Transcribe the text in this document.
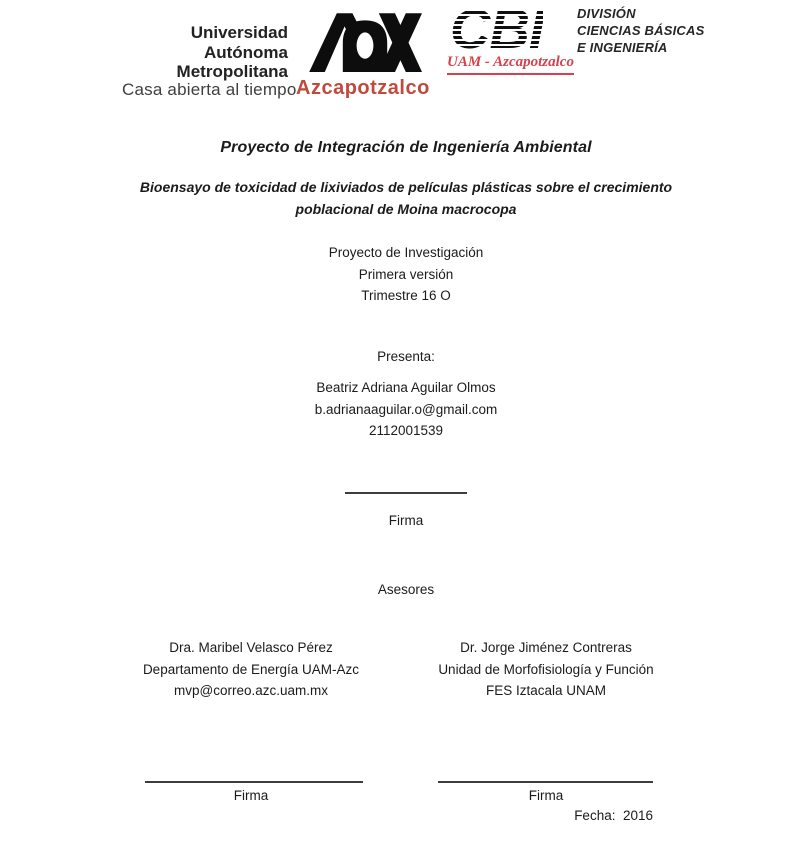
Universidad
Autónoma
Metropolitana
Casa abierta al tiempo Azcapotzalco
CBI	DIVISIÓN
CIENCIAS BÁSICAS
E INGENIERÍA
UAM - Azcapotzalco
Proyecto de Integración de Ingeniería Ambiental
Bioensayo de toxicidad de lixiviados de películas plásticas sobre el crecimiento
poblacional de Moina macrocopa
Proyecto de Investigación
Primera versión
Trimestre 16 O
Presenta:
Beatriz Adriana Aguilar Olmos
b.adrianaaguilar.o@gmail.com
2112001539
Firma
Asesores
Dra. Maribel Velasco Pérez
Departamento de Energía UAM-Azc
mvp@correo.azc.uam.mx
Dr. Jorge Jiménez Contreras
Unidad de Morfofisiología y Función
FES Iztacala UNAM
Firma	Firma
Fecha:  2016
